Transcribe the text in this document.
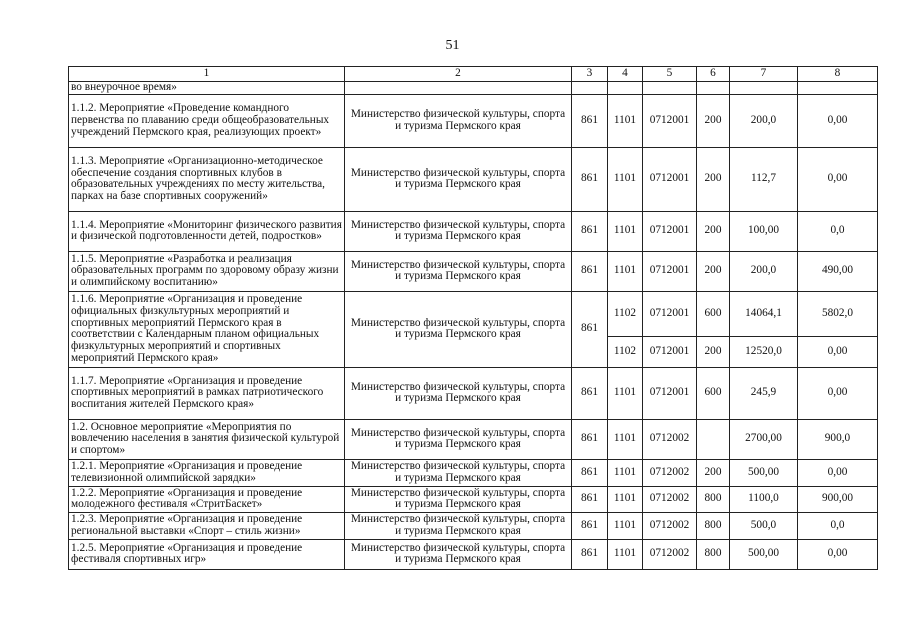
51
1	2	3	4	5	6	7	8
во внеурочное время»							
1.1.2. Мероприятие «Проведение командного первенства по плаванию среди общеобразовательных учреждений Пермского края, реализующих проект»	Министерство физической культуры, спорта и туризма Пермского края	861	1101	0712001	200	200,0	0,00
1.1.3. Мероприятие «Организационно-методическое обеспечение создания спортивных клубов в образовательных учреждениях по месту жительства, парках на базе спортивных сооружений»	Министерство физической культуры, спорта и туризма Пермского края	861	1101	0712001	200	112,7	0,00
1.1.4. Мероприятие «Мониторинг физического развития и физической подготовленности детей, подростков»	Министерство физической культуры, спорта и туризма Пермского края	861	1101	0712001	200	100,00	0,0
1.1.5. Мероприятие «Разработка и реализация образовательных программ по здоровому образу жизни и олимпийскому воспитанию»	Министерство физической культуры, спорта и туризма Пермского края	861	1101	0712001	200	200,0	490,00
1.1.6. Мероприятие «Организация и проведение официальных физкультурных мероприятий и спортивных мероприятий Пермского края в соответствии с Календарным планом официальных физкультурных мероприятий и спортивных мероприятий Пермского края»	Министерство физической культуры, спорта и туризма Пермского края	861	1102	0712001	600	14064,1	5802,0
			1102	0712001	200	12520,0	0,00
1.1.7. Мероприятие «Организация и проведение спортивных мероприятий в рамках патриотического воспитания жителей Пермского края»	Министерство физической культуры, спорта и туризма Пермского края	861	1101	0712001	600	245,9	0,00
1.2. Основное мероприятие «Мероприятия по вовлечению населения в занятия физической культурой и спортом»	Министерство физической культуры, спорта и туризма Пермского края	861	1101	0712002		2700,00	900,0
1.2.1. Мероприятие «Организация и проведение телевизионной олимпийской зарядки»	Министерство физической культуры, спорта и туризма Пермского края	861	1101	0712002	200	500,00	0,00
1.2.2. Мероприятие «Организация и проведение молодежного фестиваля «СтритБаскет»	Министерство физической культуры, спорта и туризма Пермского края	861	1101	0712002	800	1100,0	900,00
1.2.3. Мероприятие «Организация и проведение региональной выставки «Спорт – стиль жизни»	Министерство физической культуры, спорта и туризма Пермского края	861	1101	0712002	800	500,0	0,0
1.2.5. Мероприятие «Организация и проведение фестиваля спортивных игр»	Министерство физической культуры, спорта и туризма Пермского края	861	1101	0712002	800	500,00	0,00
